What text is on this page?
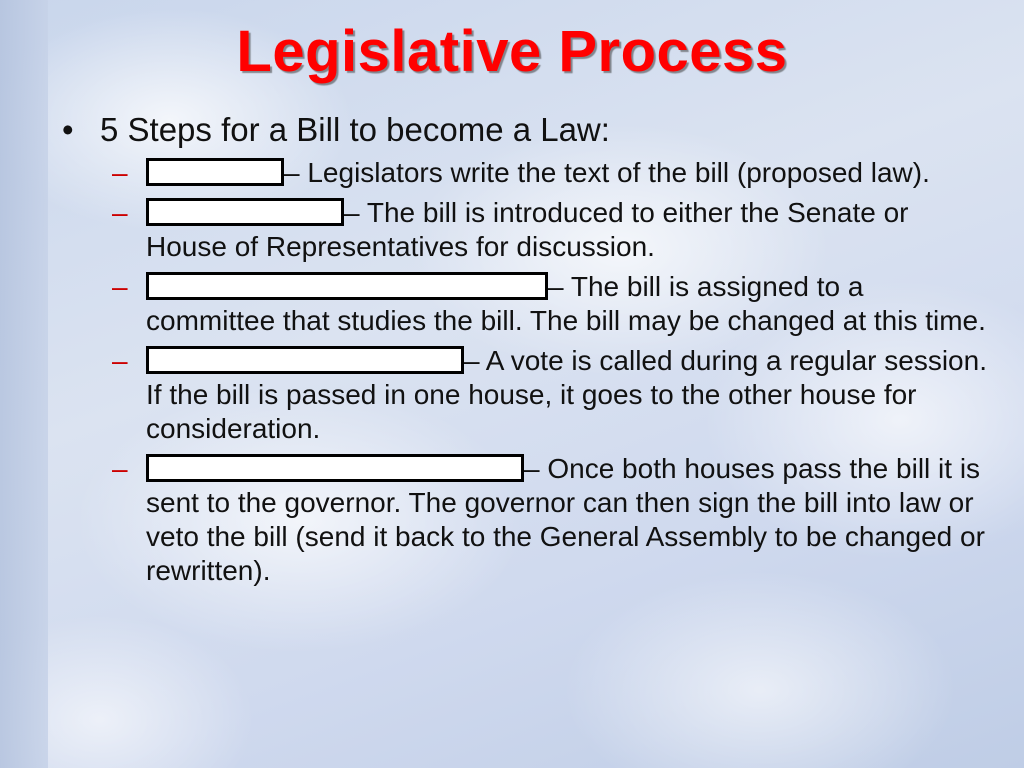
Legislative Process
• 5 Steps for a Bill to become a Law:
–	– Legislators write the text of the bill (proposed law).
–	– The bill is introduced to either the Senate or House of Representatives for discussion.
–	– The bill is assigned to a committee that studies the bill. The bill may be changed at this time.
–	– A vote is called during a regular session. If the bill is passed in one house, it goes to the other house for consideration.
–	– Once both houses pass the bill it is sent to the governor. The governor can then sign the bill into law or veto the bill (send it back to the General Assembly to be changed or rewritten).
